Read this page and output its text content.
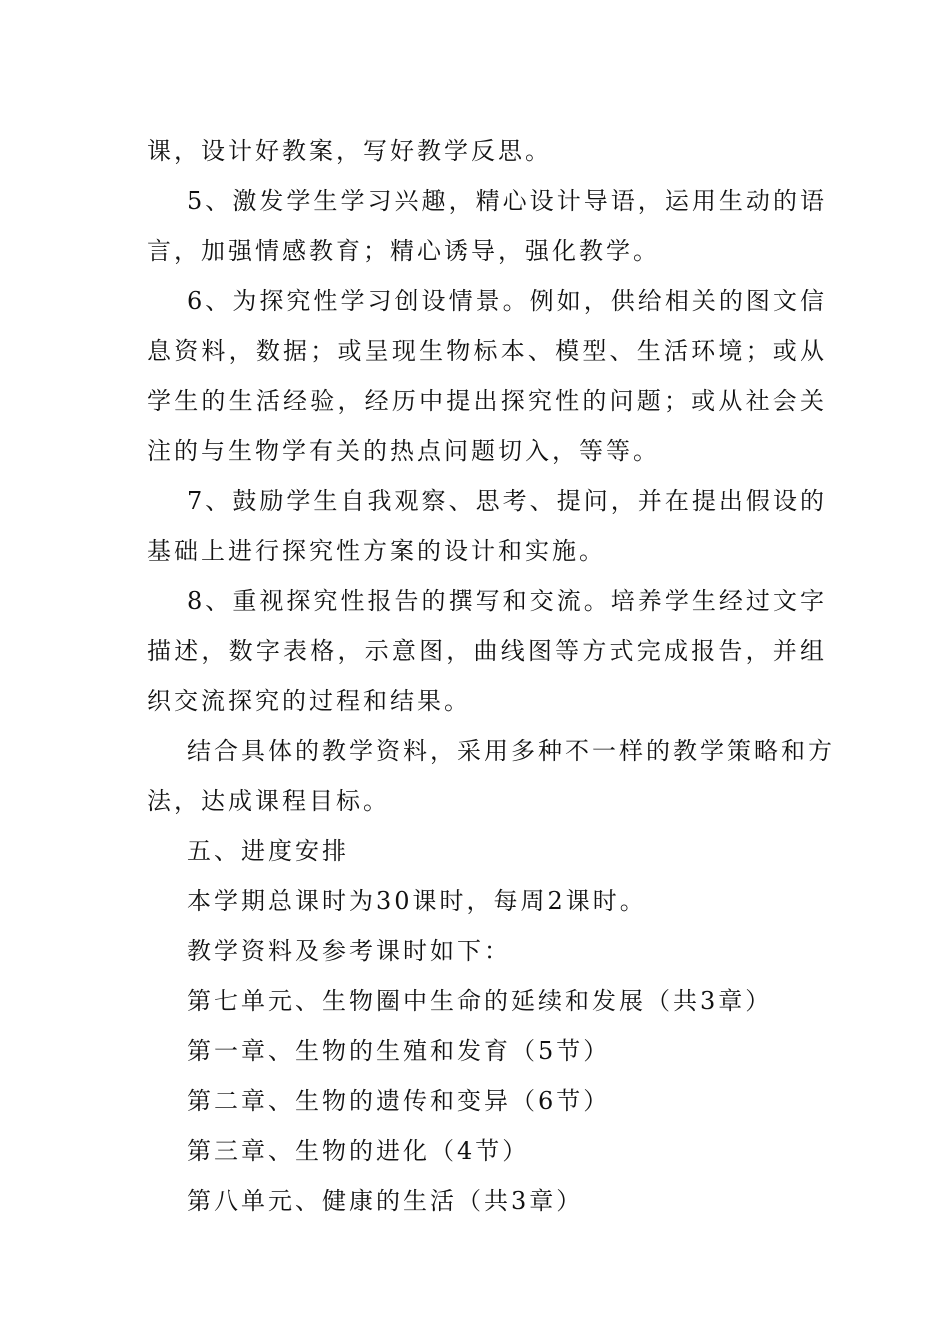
课，设计好教案，写好教学反思。
5、激发学生学习兴趣，精心设计导语，运用生动的语
言，加强情感教育；精心诱导，强化教学。
6、为探究性学习创设情景。例如，供给相关的图文信
息资料，数据；或呈现生物标本、模型、生活环境；或从
学生的生活经验，经历中提出探究性的问题；或从社会关
注的与生物学有关的热点问题切入，等等。
7、鼓励学生自我观察、思考、提问，并在提出假设的
基础上进行探究性方案的设计和实施。
8、重视探究性报告的撰写和交流。培养学生经过文字
描述，数字表格，示意图，曲线图等方式完成报告，并组
织交流探究的过程和结果。
结合具体的教学资料，采用多种不一样的教学策略和方
法，达成课程目标。
五、进度安排
本学期总课时为30课时，每周2课时。
教学资料及参考课时如下：
第七单元、生物圈中生命的延续和发展（共3章）
第一章、生物的生殖和发育（5节）
第二章、生物的遗传和变异（6节）
第三章、生物的进化（4节）
第八单元、健康的生活（共3章）
